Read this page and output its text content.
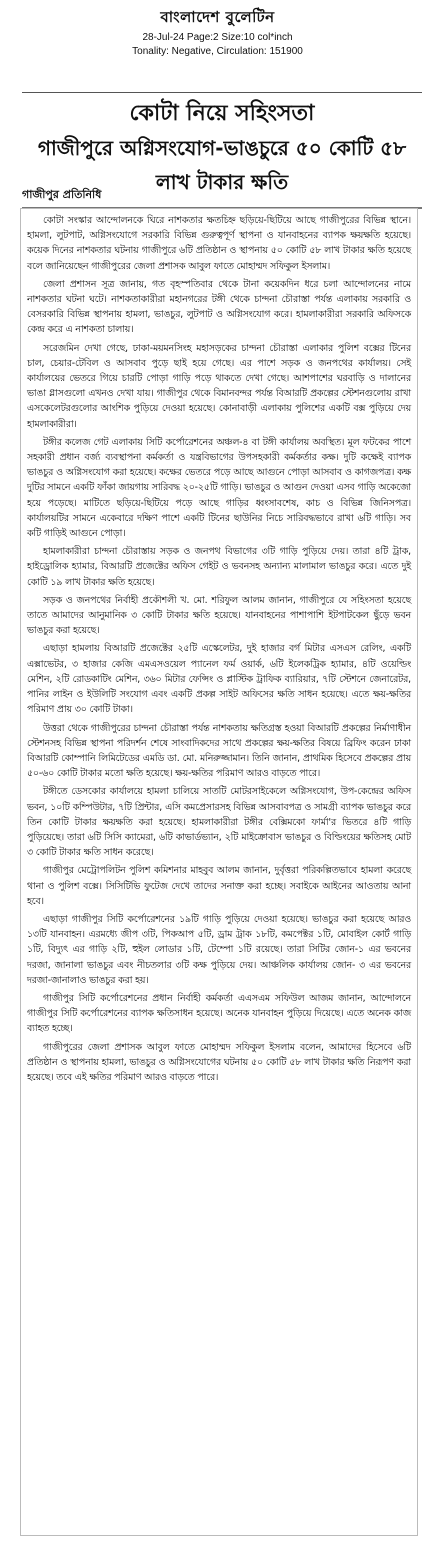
বাংলাদেশ বুলেটিন
28-Jul-24 Page:2 Size:10 col*inch
Tonality: Negative, Circulation: 151900
কোটা নিয়ে সহিংসতা
গাজীপুরে অগ্নিসংযোগ-ভাঙচুরে ৫০ কোটি ৫৮ লাখ টাকার ক্ষতি
গাজীপুর প্রতিনিধি

কোটা সংস্কার আন্দোলনকে ঘিরে নাশকতার ক্ষতচিহ্ন ছড়িয়ে-ছিটিয়ে আছে গাজীপুরের বিভিন্ন স্থানে। হামলা, লুটপাট, অগ্নিসংযোগে সরকারি বিভিন্ন গুরুত্বপূর্ণ স্থাপনা ও যানবাহনের ব্যাপক ক্ষয়ক্ষতি হয়েছে। কয়েক দিনের নাশকতার ঘটনায় গাজীপুরে ৬টি প্রতিষ্ঠান ও স্থাপনায় ৫০ কোটি ৫৮ লাখ টাকার ক্ষতি হয়েছে বলে জানিয়েছেন গাজীপুরের জেলা প্রশাসক আবুল ফাতে মোহাম্মদ সফিকুল ইসলাম।

জেলা প্রশাসন সূত্র জানায়, গত বৃহস্পতিবার থেকে টানা কয়েকদিন ধরে চলা আন্দোলনের নামে নাশকতার ঘটনা ঘটে। নাশকতাকারীরা মহানগরের টঙ্গী থেকে চান্দনা চৌরাস্তা পর্যন্ত এলাকায় সরকারি ও বেসরকারি বিভিন্ন স্থাপনায় হামলা, ভাঙচুর, লুটপাট ও অগ্নিসংযোগ করে। হামলাকারীরা সরকারি অফিসকে কেন্দ্র করে এ নাশকতা চালায়।

সরেজমিন দেখা গেছে, ঢাকা-ময়মনসিংহ মহাসড়কের চান্দনা চৌরাস্তা এলাকার পুলিশ বক্সের টিনের চাল, চেয়ার-টেবিল ও আসবাব পুড়ে ছাই হয়ে গেছে। এর পাশে সড়ক ও জনপথের কার্যালয়। সেই কার্যালয়ের ভেতরে গিয়ে চারটি পোড়া গাড়ি পড়ে থাকতে দেখা গেছে। আশপাশের ঘরবাড়ি ও দালানের ভাঙা গ্লাসগুলো এখনও দেখা যায়। গাজীপুর থেকে বিমানবন্দর পর্যন্ত বিআরটি প্রকল্পের স্টেশনগুলোয় রাখা এসকেলেটরগুলোর আংশিক পুড়িয়ে দেওয়া হয়েছে। কোনাবাড়ী এলাকায় পুলিশের একটি বক্স পুড়িয়ে দেয় হামলাকারীরা।

টঙ্গীর কলেজ গেট এলাকায় সিটি কর্পোরেশনের অঞ্চল-৪ বা টঙ্গী কার্যালয় অবস্থিত। মূল ফটকের পাশে সহকারী প্রধান বর্জ্য ব্যবস্থাপনা কর্মকর্তা ও যন্ত্রবিভাগের উপসহকারী কর্মকর্তার কক্ষ। দুটি কক্ষেই ব্যাপক ভাঙচুর ও অগ্নিসংযোগ করা হয়েছে। কক্ষের ভেতরে পড়ে আছে আগুনে পোড়া আসবাব ও কাগজপত্র। কক্ষ দুটির সামনে একটি ফাঁকা জায়গায় সারিবদ্ধ ২০-২৫টি গাড়ি। ভাঙচুর ও আগুন দেওয়া এসব গাড়ি অকেজো হয়ে পড়েছে। মাটিতে ছড়িয়ে-ছিটিয়ে পড়ে আছে গাড়ির ধ্বংসাবশেষ, কাচ ও বিভিন্ন জিনিসপত্র। কার্যালয়টির সামনে একেবারে দক্ষিণ পাশে একটি টিনের ছাউনির নিচে সারিবদ্ধভাবে রাখা ৬টি গাড়ি। সব কটি গাড়িই আগুনে পোড়া।

হামলাকারীরা চান্দনা চৌরাস্তায় সড়ক ও জনপথ বিভাগের ৩টি গাড়ি পুড়িয়ে দেয়। তারা ৪টি ট্রাক, হাইড্রোলিক হ্যামার, বিআরটি প্রজেক্টের অফিস গেইট ও ভবনসহ অন্যান্য মালামাল ভাঙচুর করে। এতে দুই কোটি ১৯ লাখ টাকার ক্ষতি হয়েছে।

সড়ক ও জনপথের নির্বাহী প্রকৌশলী খ. মো. শরিফুল আলম জানান, গাজীপুরে যে সহিংসতা হয়েছে তাতে আমাদের আনুমানিক ৩ কোটি টাকার ক্ষতি হয়েছে। যানবাহনের পাশাপাশি ইটপাটকেল ছুঁড়ে ভবন ভাঙচুর করা হয়েছে।

এছাড়া হামলায় বিআরটি প্রজেক্টের ২৫টি এস্কেলেটর, দুই হাজার বর্গ মিটার এসএস রেলিং, একটি এক্সাভেটর, ৩ হাজার কেজি এমএসওয়েল প্যানেল ফর্ম ওয়ার্ক, ৬টি ইলেকট্রিক হ্যামার, ৪টি ওয়েল্ডিং মেশিন, ২টি রোডকাটিং মেশিন, ৩৬০ মিটার ফেন্সিং ও প্লাস্টিক ট্রাফিক ব্যারিয়ার, ৭টি স্টেশনে জেনারেটর, পানির লাইন ও ইউলিটি সংযোগ এবং একটি প্রকল্প সাইট অফিসের ক্ষতি সাধন হয়েছে। এতে ক্ষয়-ক্ষতির পরিমাণ প্রায় ৩০ কোটি টাকা।

উত্তরা থেকে গাজীপুরের চান্দনা চৌরাস্তা পর্যন্ত নাশকতায় ক্ষতিগ্রস্ত হওয়া বিআরটি প্রকল্পের নির্মাণাধীন স্টেশনসহ বিভিন্ন স্থাপনা পরিদর্শন শেষে সাংবাদিকদের সাথে প্রকল্পের ক্ষয়-ক্ষতির বিষয়ে ব্রিফিং করেন ঢাকা বিআরটি কোম্পানি লিমিটেডের এমডি ডা. মো. মনিরুজ্জামান। তিনি জানান, প্রাথমিক হিসেবে প্রকল্পের প্রায় ৫০-৬০ কোটি টাকার মতো ক্ষতি হয়েছে। ক্ষয়-ক্ষতির পরিমাণ আরও বাড়তে পারে।

টঙ্গীতে ডেসকোর কার্যালয়ে হামলা চালিয়ে সাতটি মোটরসাইকেলে অগ্নিসংযোগ, উপ-কেন্দ্রের অফিস ভবন, ১০টি কম্পিউটার, ৭টি প্রিন্টার, এসি কমপ্রেসারসহ বিভিন্ন আসবাবপত্র ও সামগ্রী ব্যাপক ভাঙচুর করে তিন কোটি টাকার ক্ষয়ক্ষতি করা হয়েছে। হামলাকারীরা টঙ্গীর বেক্সিমকো ফার্মা'র ভিতরে ৪টি গাড়ি পুড়িয়েছে। তারা ৬টি সিসি ক্যামেরা, ৬টি কাভার্ডভ্যান, ২টি মাইক্রোবাস ভাঙচুর ও বিল্ডিংয়ের ক্ষতিসহ মোট ৩ কোটি টাকার ক্ষতি সাধন করেছে।

গাজীপুর মেট্রোপলিটন পুলিশ কমিশনার মাহবুব আলম জানান, দুর্বৃত্তরা পরিকল্পিতভাবে হামলা করেছে থানা ও পুলিশ বক্সে। সিসিটিভি ফুটেজ দেখে তাদের সনাক্ত করা হচ্ছে। সবাইকে আইনের আওতায় আনা হবে।

এছাড়া গাজীপুর সিটি কর্পোরেশনের ১৯টি গাড়ি পুড়িয়ে দেওয়া হয়েছে। ভাঙচুর করা হয়েছে আরও ১৩টি যানবাহন। এরমধ্যে জীপ ৩টি, পিকআপ ৫টি, ড্রাম ট্রাক ১৮টি, কমপেক্টর ১টি, মোবাইল কোর্ট গাড়ি ১টি, বিদ্যুৎ এর গাড়ি ২টি, হুইল লোডার ১টি, টেম্পো ১টি রয়েছে। তারা সিটির জোন-১ এর ভবনের দরজা, জানালা ভাঙচুর এবং নীচতলার ৩টি কক্ষ পুড়িয়ে দেয়। আঞ্চলিক কার্যালয় জোন- ৩ এর ভবনের দরজা-জানালাও ভাঙচুর করা হয়।

গাজীপুর সিটি কর্পোরেশনের প্রধান নির্বাহী কর্মকর্তা এএসএম সফিউল আজম জানান, আন্দোলনে গাজীপুর সিটি কর্পোরেশনের ব্যাপক ক্ষতিসাধন হয়েছে। অনেক যানবাহন পুড়িয়ে দিয়েছে। এতে অনেক কাজ ব্যাহত হচ্ছে।

গাজীপুরের জেলা প্রশাসক আবুল ফাতে মোহাম্মদ সফিকুল ইসলাম বলেন, আমাদের হিসেবে ৬টি প্রতিষ্ঠান ও স্থাপনায় হামলা, ভাঙচুর ও অগ্নিসংযোগের ঘটনায় ৫০ কোটি ৫৮ লাখ টাকার ক্ষতি নিরূপণ করা হয়েছে। তবে এই ক্ষতির পরিমাণ আরও বাড়তে পারে।
